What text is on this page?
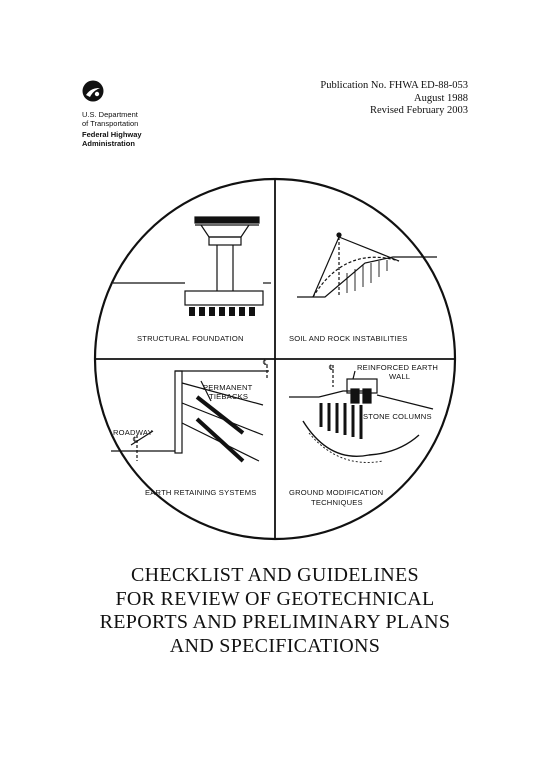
U.S. Department
of Transportation
Federal Highway
Administration
Publication No. FHWA ED-88-053
August 1988
Revised February 2003
STRUCTURAL FOUNDATION	SOIL AND ROCK INSTABILITIES
PERMANENT
TIEBACKS
ROADWAY
℄
℄
EARTH RETAINING SYSTEMS
℄	REINFORCED EARTH
WALL
STONE COLUMNS
GROUND MODIFICATION
TECHNIQUES
CHECKLIST AND GUIDELINES
FOR REVIEW OF GEOTECHNICAL
REPORTS AND PRELIMINARY PLANS
AND SPECIFICATIONS
